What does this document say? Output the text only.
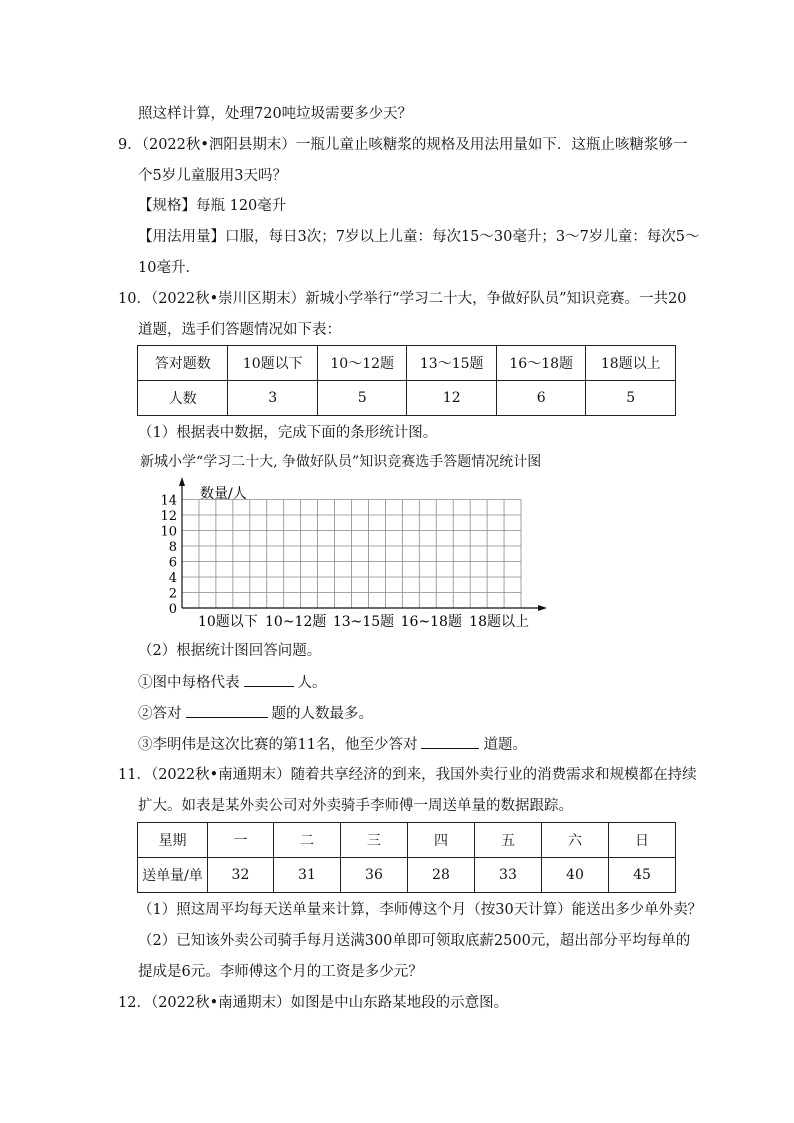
照这样计算，处理720吨垃圾需要多少天？
9．（2022秋•泗阳县期末）一瓶儿童止咳糖浆的规格及用法用量如下．这瓶止咳糖浆够一
个5岁儿童服用3天吗？
【规格】每瓶 120毫升
【用法用量】口服，每日3次；7岁以上儿童：每次15～30毫升；3～7岁儿童：每次5～
10毫升．
10．（2022秋•崇川区期末）新城小学举行“学习二十大，争做好队员”知识竞赛。一共20
道题，选手们答题情况如下表：
答对题数	10题以下	10～12题	13～15题	16～18题	18题以上
人数	3	5	12	6	5
（1）根据表中数据，完成下面的条形统计图。
新城小学“学习二十大, 争做好队员”知识竞赛选手答题情况统计图
0
2
4
6
8
10
12
14
10题以下 10~12题 13~15题 16~18题 18题以上
数量/人
（2）根据统计图回答问题。
①图中每格代表	人。
②答对	题的人数最多。
③李明伟是这次比赛的第11名，他至少答对	道题。
11．（2022秋•南通期末）随着共享经济的到来，我国外卖行业的消费需求和规模都在持续
扩大。如表是某外卖公司对外卖骑手李师傅一周送单量的数据跟踪。
星期	一	二	三	四	五	六	日
送单量/单	32	31	36	28	33	40	45
（1）照这周平均每天送单量来计算，李师傅这个月（按30天计算）能送出多少单外卖？
（2）已知该外卖公司骑手每月送满300单即可领取底薪2500元，超出部分平均每单的
提成是6元。李师傅这个月的工资是多少元？
12．（2022秋•南通期末）如图是中山东路某地段的示意图。
